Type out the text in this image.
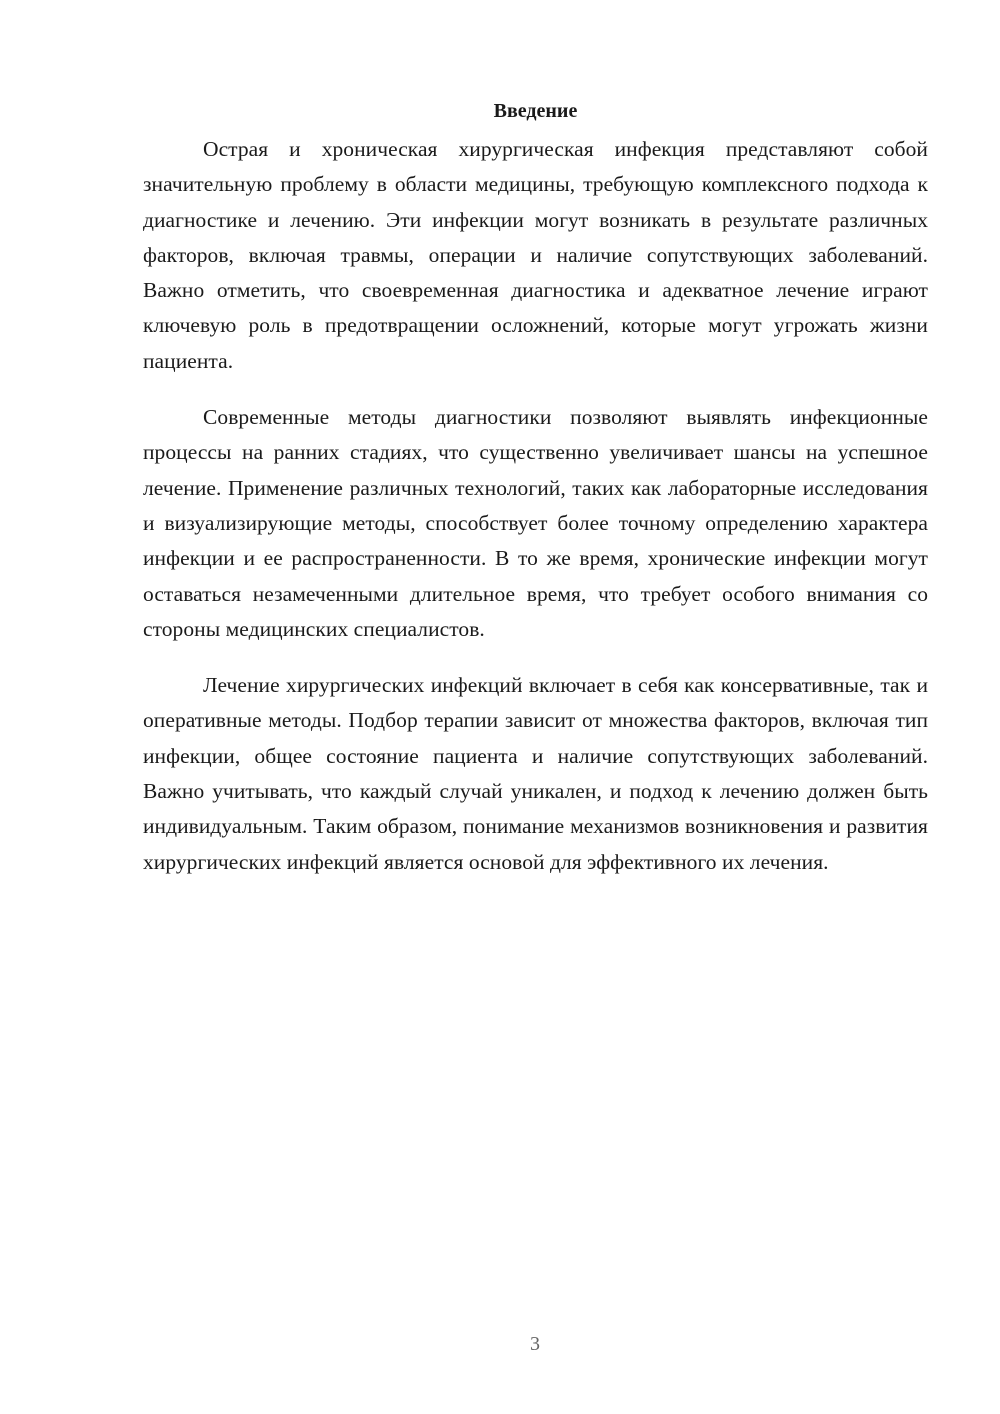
Введение

Острая и хроническая хирургическая инфекция представляют собой значительную проблему в области медицины, требующую комплексного подхода к диагностике и лечению. Эти инфекции могут возникать в результате различных факторов, включая травмы, операции и наличие сопутствующих заболеваний. Важно отметить, что своевременная диагностика и адекватное лечение играют ключевую роль в предотвращении осложнений, которые могут угрожать жизни пациента.

Современные методы диагностики позволяют выявлять инфекционные процессы на ранних стадиях, что существенно увеличивает шансы на успешное лечение. Применение различных технологий, таких как лабораторные исследования и визуализирующие методы, способствует более точному определению характера инфекции и ее распространенности. В то же время, хронические инфекции могут оставаться незамеченными длительное время, что требует особого внимания со стороны медицинских специалистов.

Лечение хирургических инфекций включает в себя как консервативные, так и оперативные методы. Подбор терапии зависит от множества факторов, включая тип инфекции, общее состояние пациента и наличие сопутствующих заболеваний. Важно учитывать, что каждый случай уникален, и подход к лечению должен быть индивидуальным. Таким образом, понимание механизмов возникновения и развития хирургических инфекций является основой для эффективного их лечения.

3
